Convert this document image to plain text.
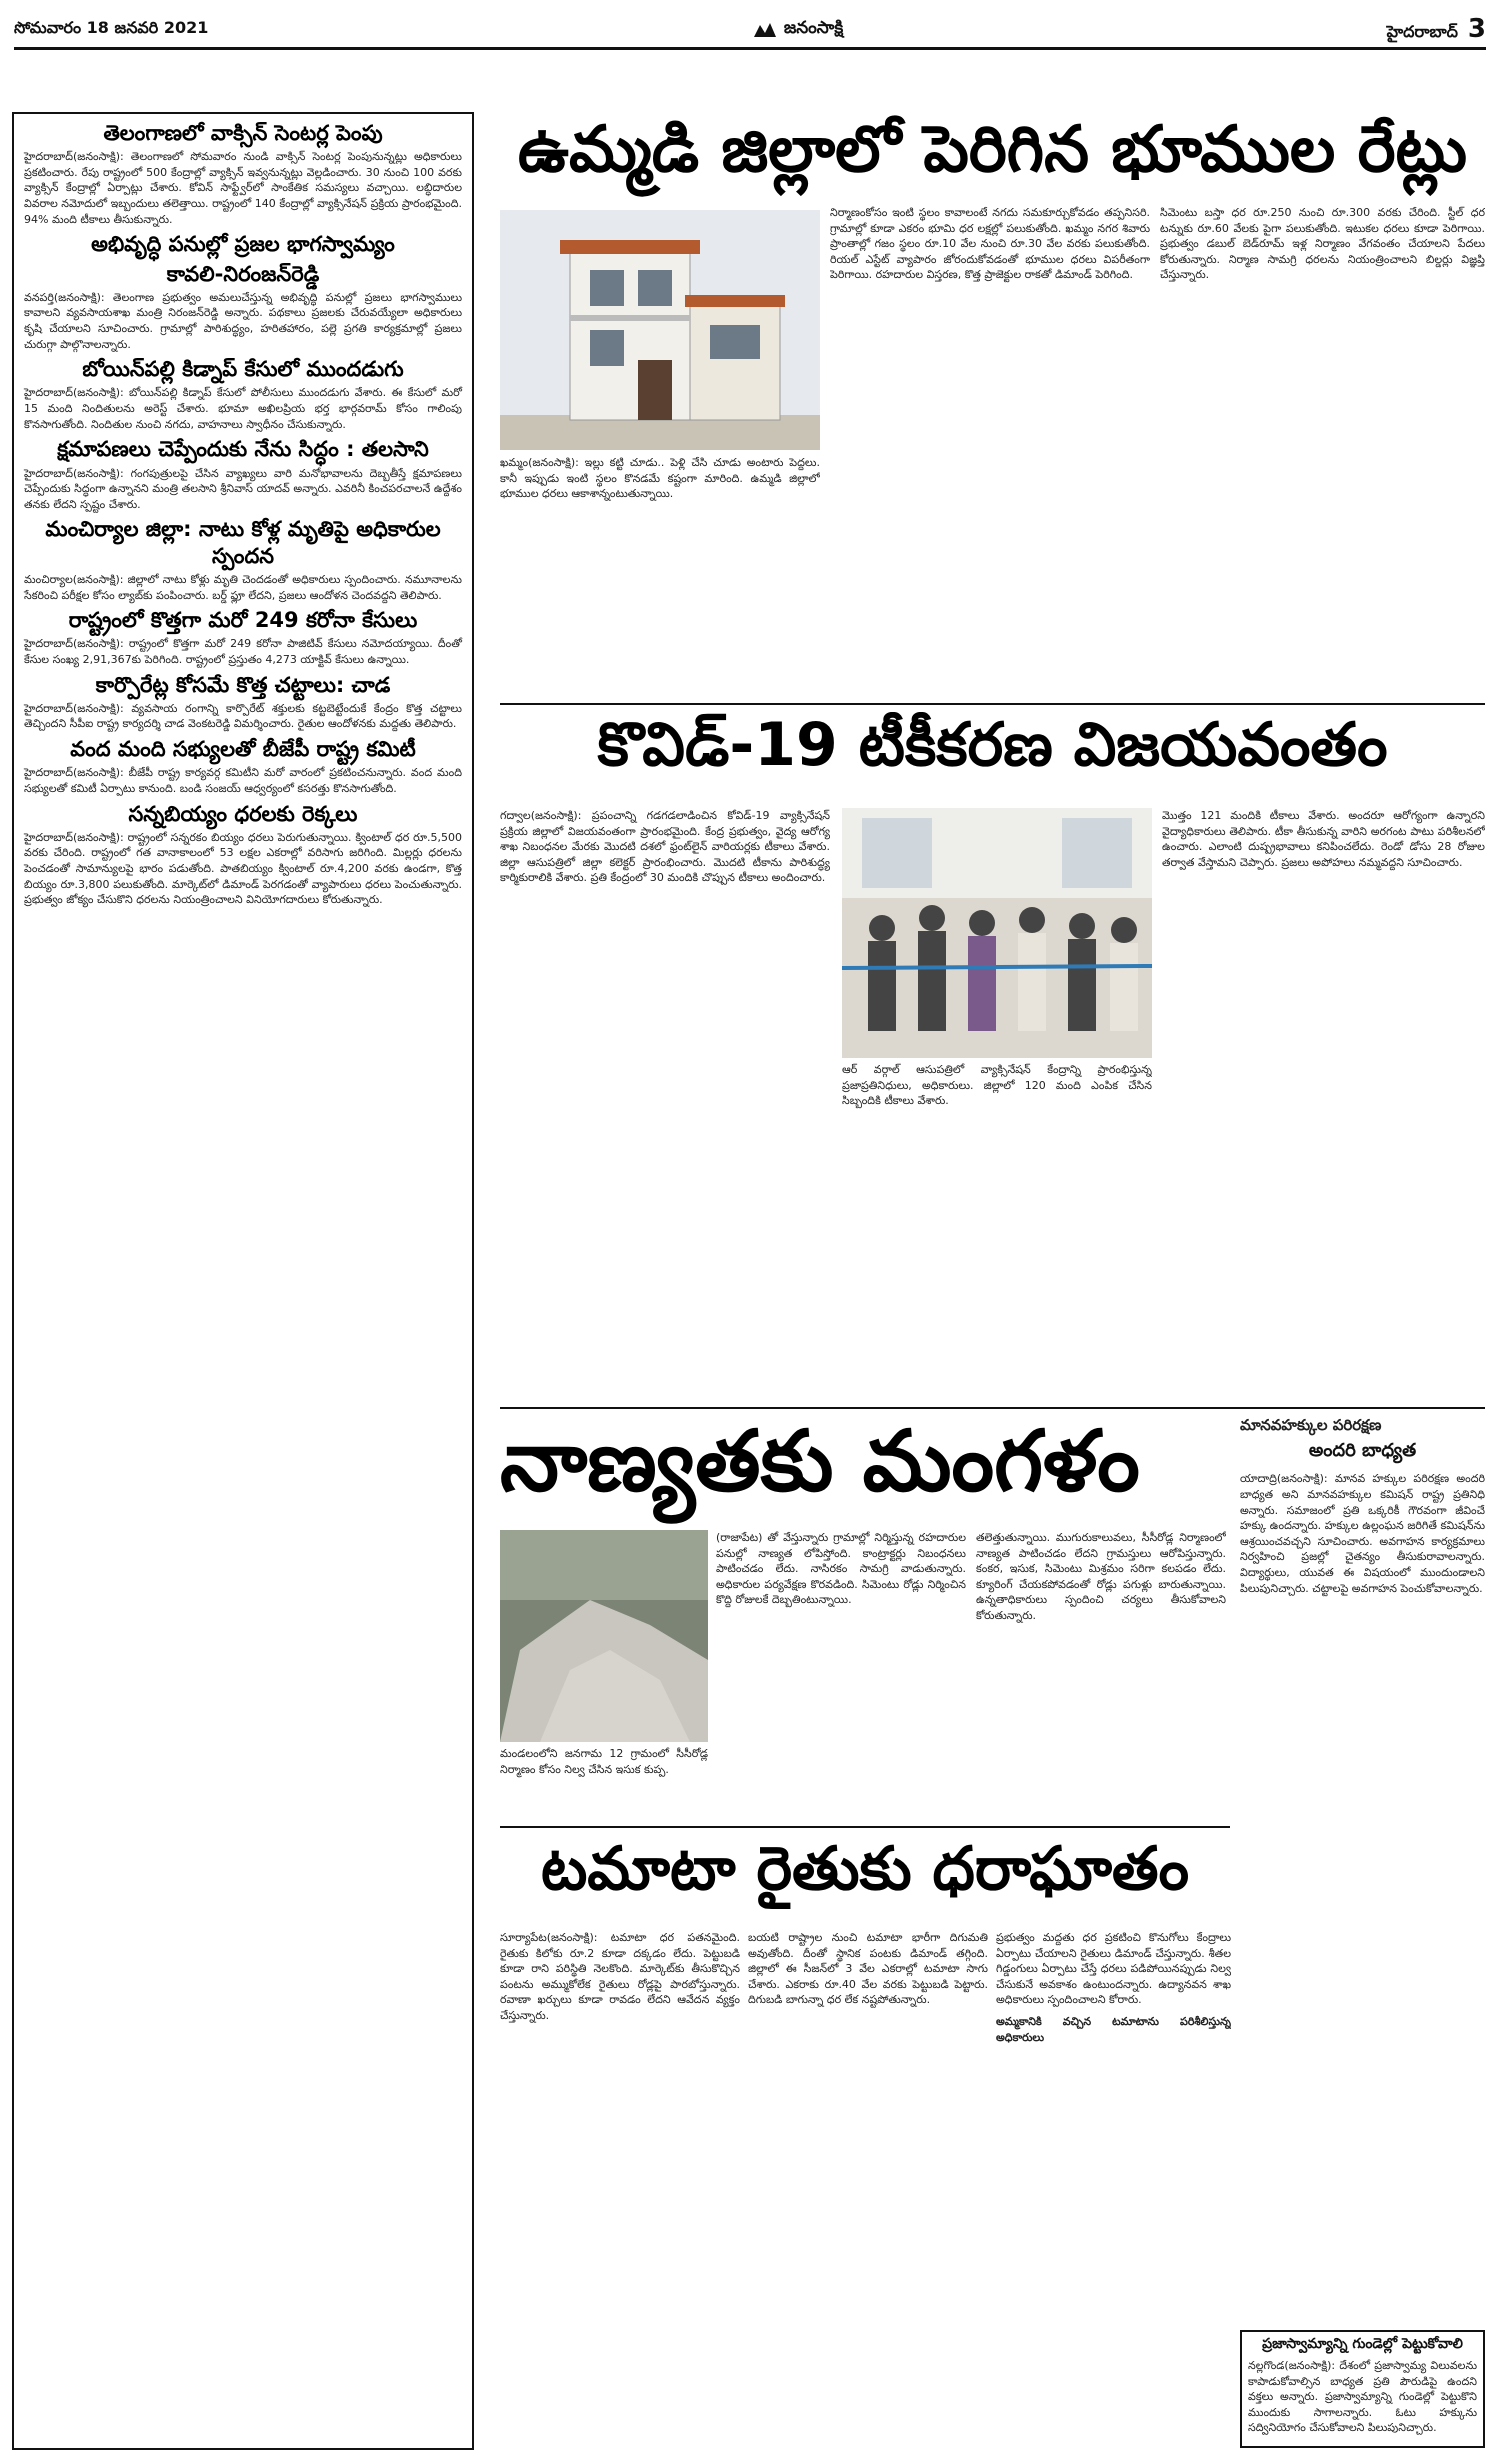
సోమవారం 18 జనవరి 2021	జనంసాక్షి	హైదరాబాద్ 3
తెలంగాణలో వాక్సిన్ సెంటర్ల పెంపు
హైదరాబాద్(జనంసాక్షి): తెలంగాణలో సోమవారం నుండి వాక్సిన్ సెంటర్ల పెంపునున్నట్లు అధికారులు ప్రకటించారు. రేపు రాష్ట్రంలో 500 కేంద్రాల్లో వ్యాక్సిన్ ఇవ్వనున్నట్లు వెల్లడించారు. 30 నుంచి 100 వరకు వ్యాక్సిన్ కేంద్రాల్లో ఏర్పాట్లు చేశారు. కోవిన్ సాఫ్ట్వేర్‌లో సాంకేతిక సమస్యలు వచ్చాయి. లబ్ధిదారుల వివరాల నమోదులో ఇబ్బందులు తలెత్తాయి. రాష్ట్రంలో 140 కేంద్రాల్లో వ్యాక్సినేషన్ ప్రక్రియ ప్రారంభమైంది. 94% మంది టీకాలు తీసుకున్నారు.
అభివృద్ధి పనుల్లో ప్రజల భాగస్వామ్యం
కావలి-నిరంజన్‌రెడ్డి
వనపర్తి(జనంసాక్షి): తెలంగాణ ప్రభుత్వం అమలుచేస్తున్న అభివృద్ధి పనుల్లో ప్రజలు భాగస్వాములు కావాలని వ్యవసాయశాఖ మంత్రి నిరంజన్‌రెడ్డి అన్నారు. పథకాలు ప్రజలకు చేరువయ్యేలా అధికారులు కృషి చేయాలని సూచించారు. గ్రామాల్లో పారిశుద్ధ్యం, హరితహారం, పల్లె ప్రగతి కార్యక్రమాల్లో ప్రజలు చురుగ్గా పాల్గొనాలన్నారు.
బోయిన్‌పల్లి కిడ్నాప్ కేసులో ముందడుగు
హైదరాబాద్(జనంసాక్షి): బోయిన్‌పల్లి కిడ్నాప్ కేసులో పోలీసులు ముందడుగు వేశారు. ఈ కేసులో మరో 15 మంది నిందితులను అరెస్ట్ చేశారు. భూమా అఖిలప్రియ భర్త భార్గవరామ్ కోసం గాలింపు కొనసాగుతోంది. నిందితుల నుంచి నగదు, వాహనాలు స్వాధీనం చేసుకున్నారు.
క్షమాపణలు చెప్పేందుకు నేను సిద్ధం : తలసాని
హైదరాబాద్(జనంసాక్షి): గంగపుత్రులపై చేసిన వ్యాఖ్యలు వారి మనోభావాలను దెబ్బతీస్తే క్షమాపణలు చెప్పేందుకు సిద్ధంగా ఉన్నానని మంత్రి తలసాని శ్రీనివాస్ యాదవ్ అన్నారు. ఎవరినీ కించపరచాలనే ఉద్దేశం తనకు లేదని స్పష్టం చేశారు.
మంచిర్యాల జిల్లా: నాటు కోళ్ల మృతిపై అధికారుల స్పందన
మంచిర్యాల(జనంసాక్షి): జిల్లాలో నాటు కోళ్లు మృతి చెందడంతో అధికారులు స్పందించారు. నమూనాలను సేకరించి పరీక్షల కోసం ల్యాబ్‌కు పంపించారు. బర్డ్ ఫ్లూ లేదని, ప్రజలు ఆందోళన చెందవద్దని తెలిపారు.
రాష్ట్రంలో కొత్తగా మరో 249 కరోనా కేసులు
హైదరాబాద్(జనంసాక్షి): రాష్ట్రంలో కొత్తగా మరో 249 కరోనా పాజిటివ్ కేసులు నమోదయ్యాయి. దీంతో కేసుల సంఖ్య 2,91,367కు పెరిగింది. రాష్ట్రంలో ప్రస్తుతం 4,273 యాక్టివ్ కేసులు ఉన్నాయి.
కార్పొరేట్ల కోసమే కొత్త చట్టాలు: చాడ
హైదరాబాద్(జనంసాక్షి): వ్యవసాయ రంగాన్ని కార్పొరేట్ శక్తులకు కట్టబెట్టేందుకే కేంద్రం కొత్త చట్టాలు తెచ్చిందని సీపీఐ రాష్ట్ర కార్యదర్శి చాడ వెంకటరెడ్డి విమర్శించారు. రైతుల ఆందోళనకు మద్దతు తెలిపారు.
వంద మంది సభ్యులతో బీజేపీ రాష్ట్ర కమిటీ
హైదరాబాద్(జనంసాక్షి): బీజేపీ రాష్ట్ర కార్యవర్గ కమిటీని మరో వారంలో ప్రకటించనున్నారు. వంద మంది సభ్యులతో కమిటీ ఏర్పాటు కానుంది. బండి సంజయ్ ఆధ్వర్యంలో కసరత్తు కొనసాగుతోంది.
సన్నబియ్యం ధరలకు రెక్కలు
హైదరాబాద్(జనంసాక్షి): రాష్ట్రంలో సన్నరకం బియ్యం ధరలు పెరుగుతున్నాయి. క్వింటాల్ ధర రూ.5,500 వరకు చేరింది. రాష్ట్రంలో గత వానాకాలంలో 53 లక్షల ఎకరాల్లో వరిసాగు జరిగింది. మిల్లర్లు ధరలను పెంచడంతో సామాన్యులపై భారం పడుతోంది. పాతబియ్యం క్వింటాల్ రూ.4,200 వరకు ఉండగా, కొత్త బియ్యం రూ.3,800 పలుకుతోంది. మార్కెట్‌లో డిమాండ్ పెరగడంతో వ్యాపారులు ధరలు పెంచుతున్నారు. ప్రభుత్వం జోక్యం చేసుకొని ధరలను నియంత్రించాలని వినియోగదారులు కోరుతున్నారు.
ఉమ్మడి జిల్లాలో పెరిగిన భూముల రేట్లు
ఖమ్మం(జనంసాక్షి): ఇల్లు కట్టి చూడు.. పెళ్లి చేసి చూడు అంటారు పెద్దలు. కానీ ఇప్పుడు ఇంటి స్థలం కొనడమే కష్టంగా మారింది. ఉమ్మడి జిల్లాలో భూముల ధరలు ఆకాశాన్నంటుతున్నాయి.
నిర్మాణంకోసం ఇంటి స్థలం కావాలంటే నగదు సమకూర్చుకోవడం తప్పనిసరి. గ్రామాల్లో కూడా ఎకరం భూమి ధర లక్షల్లో పలుకుతోంది. ఖమ్మం నగర శివారు ప్రాంతాల్లో గజం స్థలం రూ.10 వేల నుంచి రూ.30 వేల వరకు పలుకుతోంది. రియల్ ఎస్టేట్ వ్యాపారం జోరందుకోవడంతో భూముల ధరలు విపరీతంగా పెరిగాయి. రహదారుల విస్తరణ, కొత్త ప్రాజెక్టుల రాకతో డిమాండ్ పెరిగింది.
సిమెంటు బస్తా ధర రూ.250 నుంచి రూ.300 వరకు చేరింది. స్టీల్ ధర టన్నుకు రూ.60 వేలకు పైగా పలుకుతోంది. ఇటుకల ధరలు కూడా పెరిగాయి. ప్రభుత్వం డబుల్ బెడ్‌రూమ్ ఇళ్ల నిర్మాణం వేగవంతం చేయాలని పేదలు కోరుతున్నారు. నిర్మాణ సామగ్రి ధరలను నియంత్రించాలని బిల్డర్లు విజ్ఞప్తి చేస్తున్నారు.
కొవిడ్-19 టీకీకరణ విజయవంతం
గద్వాల(జనంసాక్షి): ప్రపంచాన్ని గడగడలాడించిన కోవిడ్-19 వ్యాక్సినేషన్ ప్రక్రియ జిల్లాలో విజయవంతంగా ప్రారంభమైంది. కేంద్ర ప్రభుత్వం, వైద్య ఆరోగ్య శాఖ నిబంధనల మేరకు మొదటి దశలో ఫ్రంట్‌లైన్ వారియర్లకు టీకాలు వేశారు. జిల్లా ఆసుపత్రిలో జిల్లా కలెక్టర్ ప్రారంభించారు. మొదటి టీకాను పారిశుద్ధ్య కార్మికురాలికి వేశారు. ప్రతి కేంద్రంలో 30 మందికి చొప్పున టీకాలు అందించారు.
ఆర్ వర్గాల్ ఆసుపత్రిలో వ్యాక్సినేషన్ కేంద్రాన్ని ప్రారంభిస్తున్న ప్రజాప్రతినిధులు, అధికారులు. జిల్లాలో 120 మంది ఎంపిక చేసిన సిబ్బందికి టీకాలు వేశారు.
మొత్తం 121 మందికి టీకాలు వేశారు. అందరూ ఆరోగ్యంగా ఉన్నారని వైద్యాధికారులు తెలిపారు. టీకా తీసుకున్న వారిని అరగంట పాటు పరిశీలనలో ఉంచారు. ఎలాంటి దుష్ప్రభావాలు కనిపించలేదు. రెండో డోసు 28 రోజుల తర్వాత వేస్తామని చెప్పారు. ప్రజలు అపోహలు నమ్మవద్దని సూచించారు.
నాణ్యతకు మంగళం
మండలంలోని జనగామ 12 గ్రామంలో సీసీరోడ్ల నిర్మాణం కోసం నిల్వ చేసిన ఇసుక కుప్ప.
(రాజాపేట) తో వేస్తున్నారు గ్రామాల్లో నిర్మిస్తున్న రహదారుల పనుల్లో నాణ్యత లోపిస్తోంది. కాంట్రాక్టర్లు నిబంధనలు పాటించడం లేదు. నాసిరకం సామగ్రి వాడుతున్నారు. అధికారుల పర్యవేక్షణ కొరవడింది. సిమెంటు రోడ్లు నిర్మించిన కొద్ది రోజులకే దెబ్బతింటున్నాయి.
తలెత్తుతున్నాయి. ముగురుకాలువలు, సీసీరోడ్ల నిర్మాణంలో నాణ్యత పాటించడం లేదని గ్రామస్తులు ఆరోపిస్తున్నారు. కంకర, ఇసుక, సిమెంటు మిశ్రమం సరిగా కలపడం లేదు. క్యూరింగ్ చేయకపోవడంతో రోడ్లు పగుళ్లు బారుతున్నాయి. ఉన్నతాధికారులు స్పందించి చర్యలు తీసుకోవాలని కోరుతున్నారు.
మానవహక్కుల పరిరక్షణ
అందరి బాధ్యత
యాదాద్రి(జనంసాక్షి): మానవ హక్కుల పరిరక్షణ అందరి బాధ్యత అని మానవహక్కుల కమిషన్ రాష్ట్ర ప్రతినిధి అన్నారు. సమాజంలో ప్రతి ఒక్కరికీ గౌరవంగా జీవించే హక్కు ఉందన్నారు. హక్కుల ఉల్లంఘన జరిగితే కమిషన్‌ను ఆశ్రయించవచ్చని సూచించారు. అవగాహన కార్యక్రమాలు నిర్వహించి ప్రజల్లో చైతన్యం తీసుకురావాలన్నారు. విద్యార్థులు, యువత ఈ విషయంలో ముందుండాలని పిలుపునిచ్చారు. చట్టాలపై అవగాహన పెంచుకోవాలన్నారు.
టమాటా రైతుకు ధరాఘాతం
సూర్యాపేట(జనంసాక్షి): టమాటా ధర పతనమైంది. రైతుకు కిలోకు రూ.2 కూడా దక్కడం లేదు. పెట్టుబడి కూడా రాని పరిస్థితి నెలకొంది. మార్కెట్‌కు తీసుకొచ్చిన పంటను అమ్ముకోలేక రైతులు రోడ్లపై పారబోస్తున్నారు. రవాణా ఖర్చులు కూడా రావడం లేదని ఆవేదన వ్యక్తం చేస్తున్నారు.
బయటి రాష్ట్రాల నుంచి టమాటా భారీగా దిగుమతి అవుతోంది. దీంతో స్థానిక పంటకు డిమాండ్ తగ్గింది. జిల్లాలో ఈ సీజన్‌లో 3 వేల ఎకరాల్లో టమాటా సాగు చేశారు. ఎకరాకు రూ.40 వేల వరకు పెట్టుబడి పెట్టారు. దిగుబడి బాగున్నా ధర లేక నష్టపోతున్నారు.
ప్రభుత్వం మద్దతు ధర ప్రకటించి కొనుగోలు కేంద్రాలు ఏర్పాటు చేయాలని రైతులు డిమాండ్ చేస్తున్నారు. శీతల గిడ్డంగులు ఏర్పాటు చేస్తే ధరలు పడిపోయినప్పుడు నిల్వ చేసుకునే అవకాశం ఉంటుందన్నారు. ఉద్యానవన శాఖ అధికారులు స్పందించాలని కోరారు.
అమ్మకానికి వచ్చిన టమాటాను పరిశీలిస్తున్న అధికారులు
ప్రజాస్వామ్యాన్ని గుండెల్లో పెట్టుకోవాలి
నల్లగొండ(జనంసాక్షి): దేశంలో ప్రజాస్వామ్య విలువలను కాపాడుకోవాల్సిన బాధ్యత ప్రతి పౌరుడిపై ఉందని వక్తలు అన్నారు. ప్రజాస్వామ్యాన్ని గుండెల్లో పెట్టుకొని ముందుకు సాగాలన్నారు. ఓటు హక్కును సద్వినియోగం చేసుకోవాలని పిలుపునిచ్చారు.
